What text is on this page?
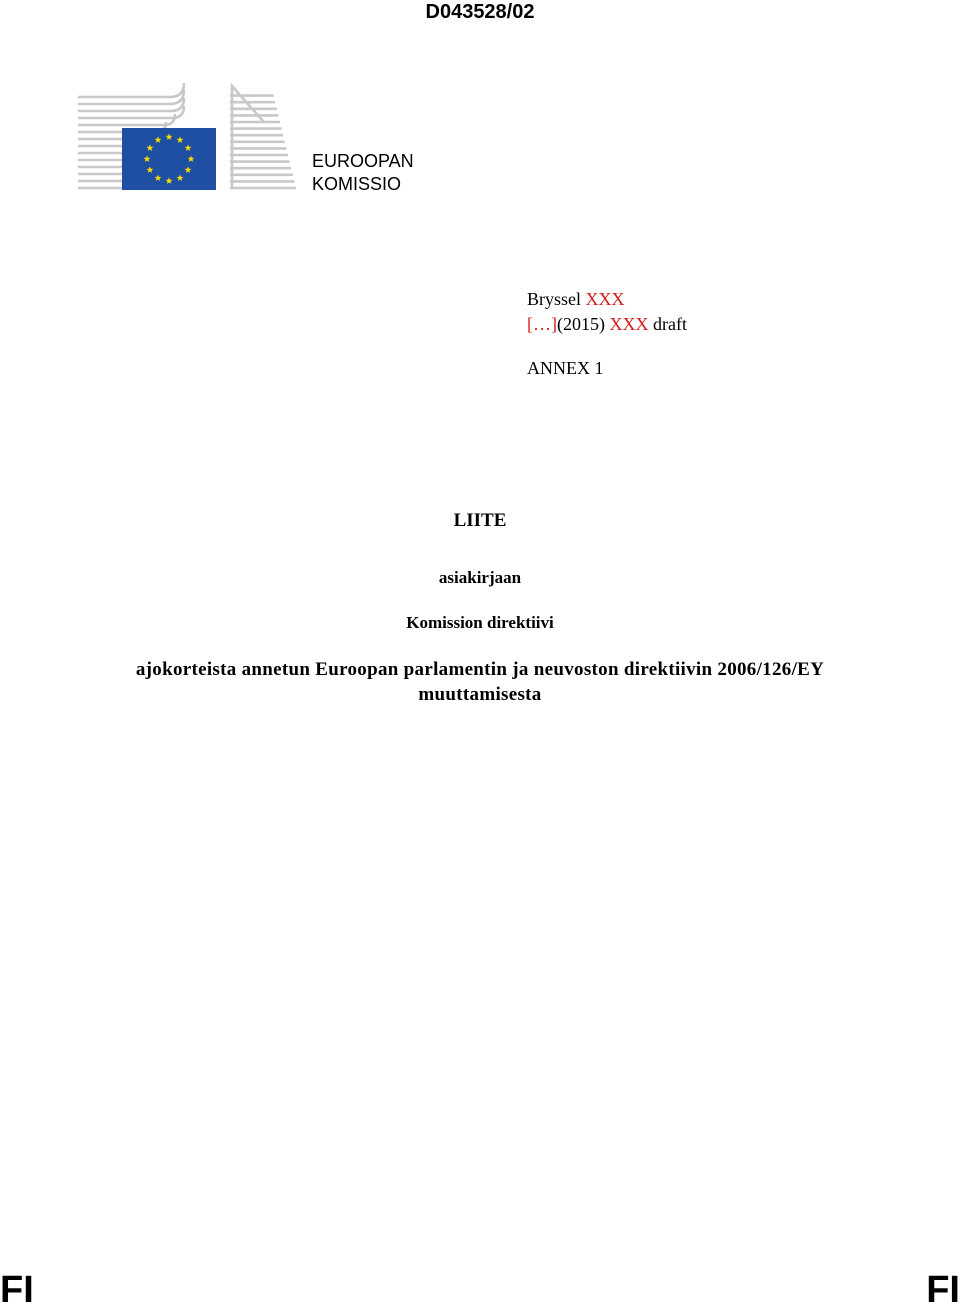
D043528/02
EUROOPAN
KOMISSIO
Bryssel XXX
[…](2015) XXX draft
ANNEX 1
LIITE
asiakirjaan
Komission direktiivi
ajokorteista annetun Euroopan parlamentin ja neuvoston direktiivin 2006/126/EY
muuttamisesta
FI	FI
